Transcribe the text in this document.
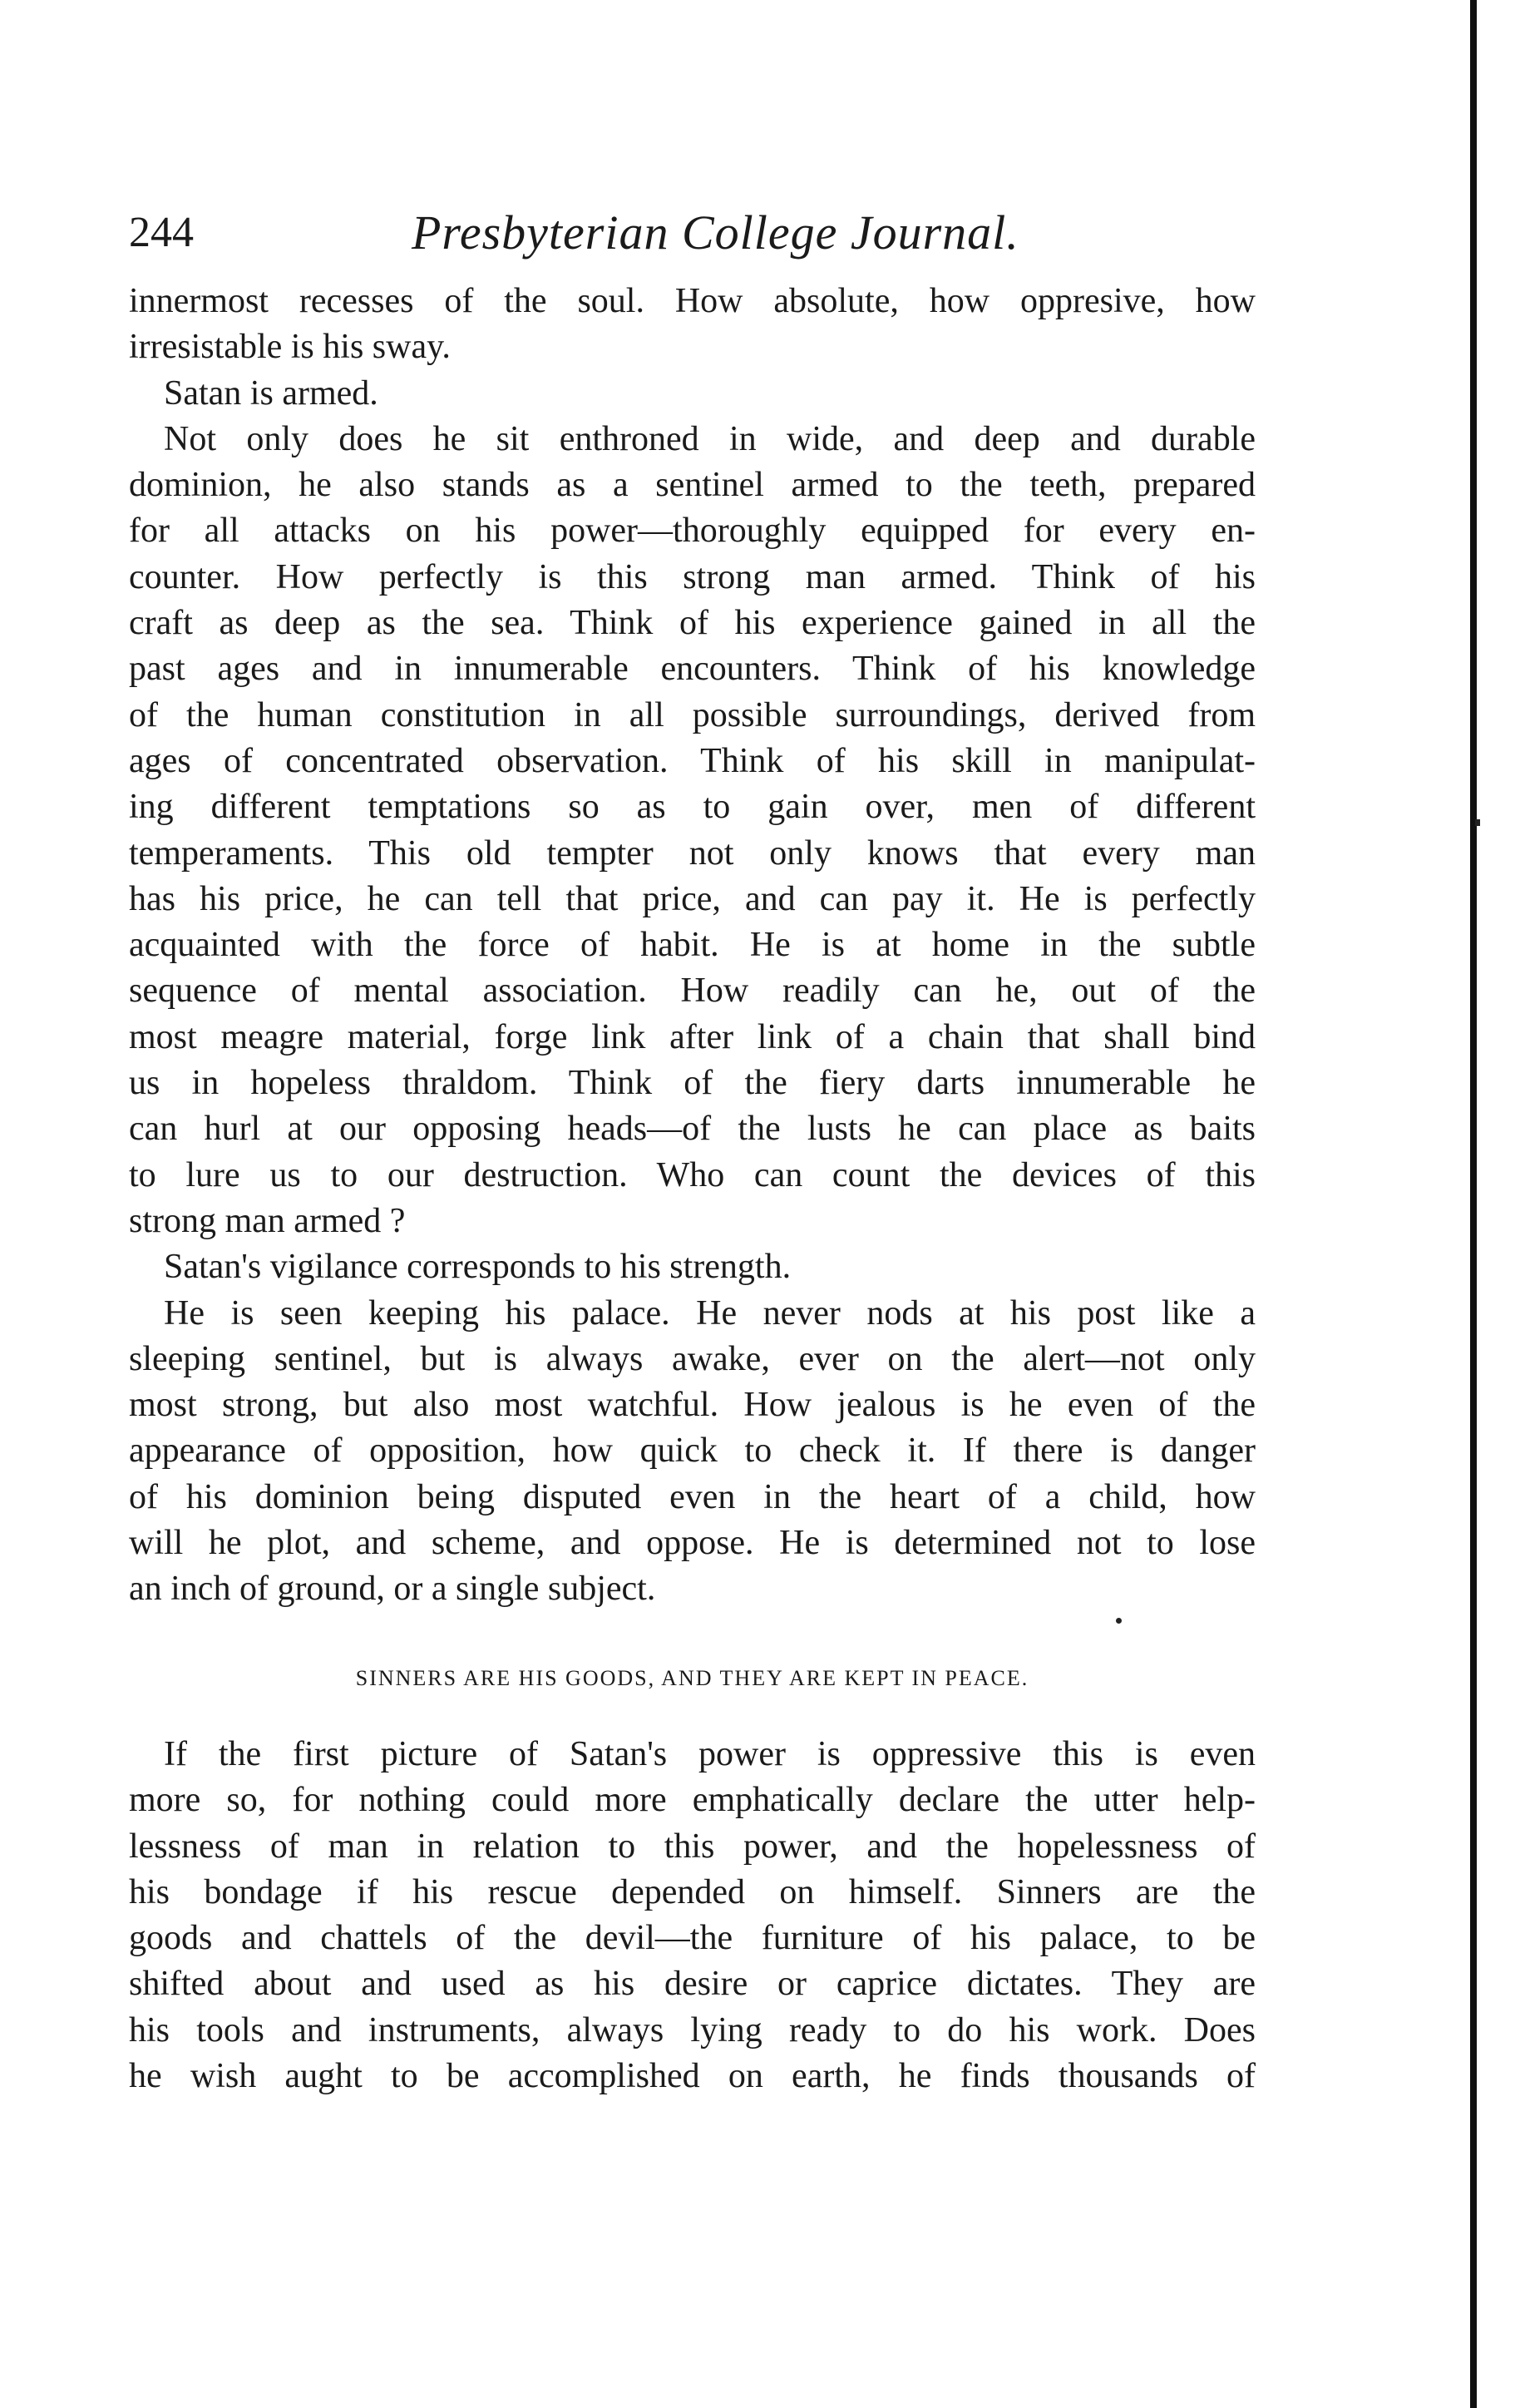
244	Presbyterian College Journal.
innermost recesses of the soul. How absolute, how oppresive, how
irresistable is his sway.
Satan is armed.
Not only does he sit enthroned in wide, and deep and durable
dominion, he also stands as a sentinel armed to the teeth, prepared
for all attacks on his power—thoroughly equipped for every en-
counter. How perfectly is this strong man armed. Think of his
craft as deep as the sea. Think of his experience gained in all the
past ages and in innumerable encounters. Think of his knowledge
of the human constitution in all possible surroundings, derived from
ages of concentrated observation. Think of his skill in manipulat-
ing different temptations so as to gain over, men of different
temperaments. This old tempter not only knows that every man
has his price, he can tell that price, and can pay it. He is perfectly
acquainted with the force of habit. He is at home in the subtle
sequence of mental association. How readily can he, out of the
most meagre material, forge link after link of a chain that shall bind
us in hopeless thraldom. Think of the fiery darts innumerable he
can hurl at our opposing heads—of the lusts he can place as baits
to lure us to our destruction. Who can count the devices of this
strong man armed ?
Satan's vigilance corresponds to his strength.
He is seen keeping his palace. He never nods at his post like a
sleeping sentinel, but is always awake, ever on the alert—not only
most strong, but also most watchful. How jealous is he even of the
appearance of opposition, how quick to check it. If there is danger
of his dominion being disputed even in the heart of a child, how
will he plot, and scheme, and oppose. He is determined not to lose
an inch of ground, or a single subject.
SINNERS ARE HIS GOODS, AND THEY ARE KEPT IN PEACE.
If the first picture of Satan's power is oppressive this is even
more so, for nothing could more emphatically declare the utter help-
lessness of man in relation to this power, and the hopelessness of
his bondage if his rescue depended on himself. Sinners are the
goods and chattels of the devil—the furniture of his palace, to be
shifted about and used as his desire or caprice dictates. They are
his tools and instruments, always lying ready to do his work. Does
he wish aught to be accomplished on earth, he finds thousands of
